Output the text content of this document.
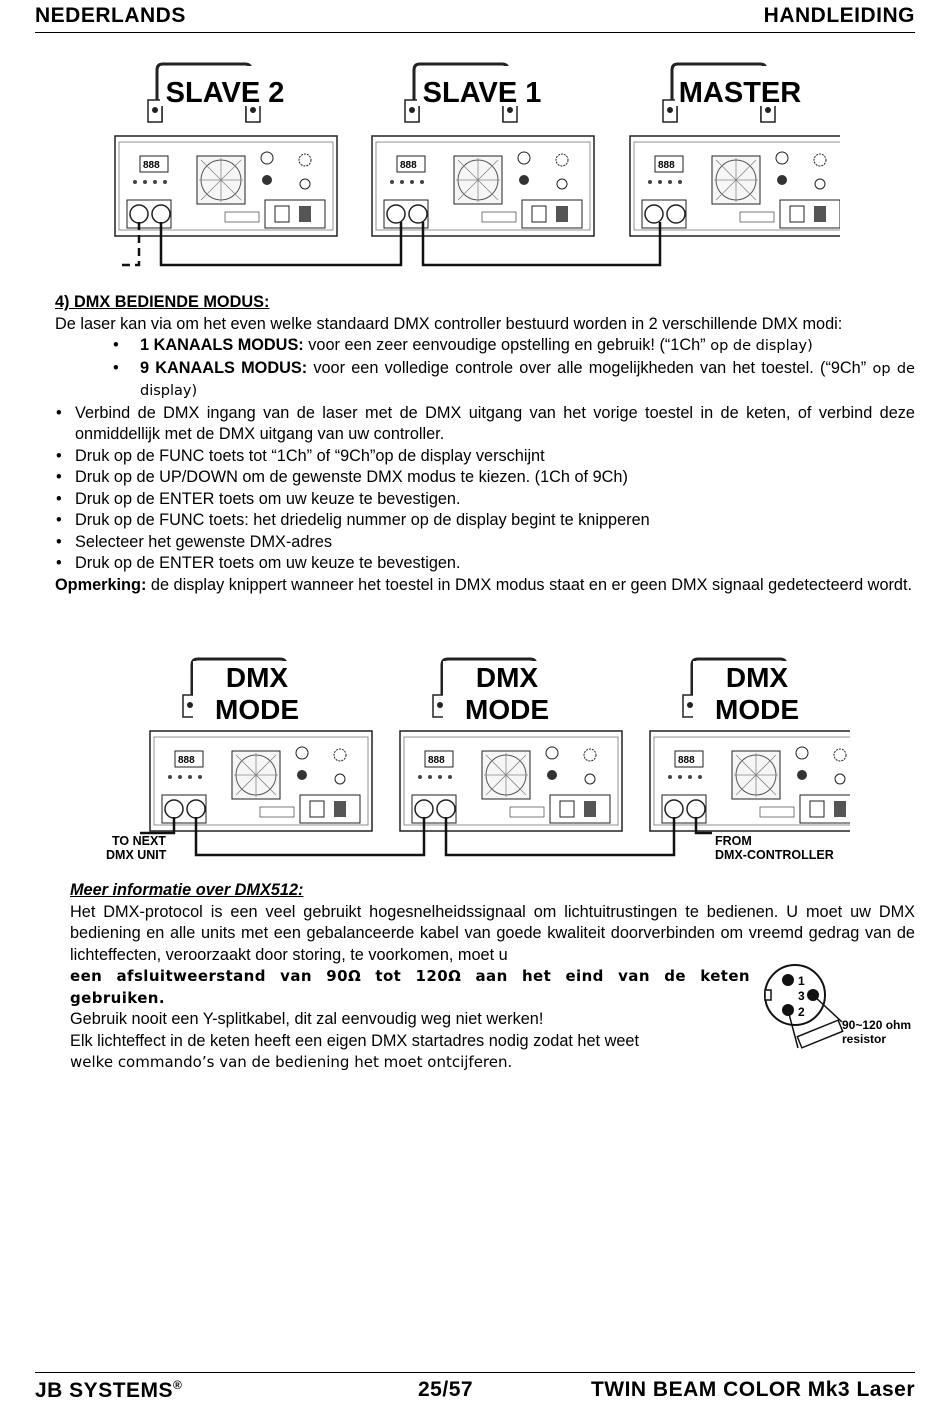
NEDERLANDS	HANDLEIDING
SLAVE 2	SLAVE 1	MASTER
4) DMX BEDIENDE MODUS:
De laser kan via om het even welke standaard DMX controller bestuurd worden in 2 verschillende DMX modi:
• 1 KANAALS MODUS: voor een zeer eenvoudige opstelling en gebruik! (“1Ch” op de display)
• 9 KANAALS MODUS: voor een volledige controle over alle mogelijkheden van het toestel. (“9Ch” op de display)
• Verbind de DMX ingang van de laser met de DMX uitgang van het vorige toestel in de keten, of verbind deze onmiddellijk met de DMX uitgang van uw controller.
• Druk op de FUNC toets tot “1Ch” of “9Ch”op de display verschijnt
• Druk op de UP/DOWN om de gewenste DMX modus te kiezen. (1Ch of 9Ch)
• Druk op de ENTER toets om uw keuze te bevestigen.
• Druk op de FUNC toets: het driedelig nummer op de display begint te knipperen
• Selecteer het gewenste DMX-adres
• Druk op de ENTER toets om uw keuze te bevestigen.
Opmerking: de display knippert wanneer het toestel in DMX modus staat en er geen DMX signaal gedetecteerd wordt.
DMX
MODE
DMX
MODE
DMX
MODE
TO NEXT
DMX UNIT
FROM
DMX-CONTROLLER
Meer informatie over DMX512:
Het DMX-protocol is een veel gebruikt hogesnelheidssignaal om lichtuitrustingen te bedienen. U moet uw DMX bediening en alle units met een gebalanceerde kabel van goede kwaliteit doorverbinden om vreemd gedrag van de lichteffecten, veroorzaakt door storing, te voorkomen, moet u
een afsluitweerstand van 90Ω tot 120Ω aan het eind van de keten gebruiken.
Gebruik nooit een Y-splitkabel, dit zal eenvoudig weg niet werken!
Elk lichteffect in de keten heeft een eigen DMX startadres nodig zodat het weet
welke commando’s van de bediening het moet ontcijferen.
1
3
2
90~120 ohm
resistor
JB SYSTEMS®	25/57	TWIN BEAM COLOR Mk3 Laser
